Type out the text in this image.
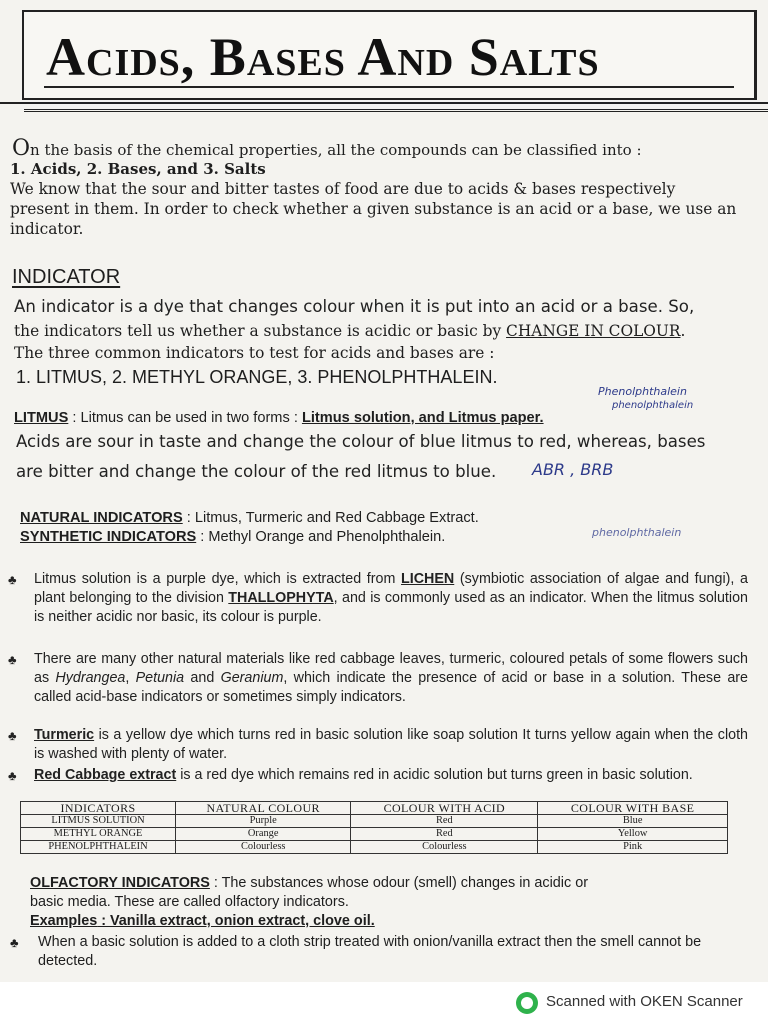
Acids, Bases And Salts
On the basis of the chemical properties, all the compounds can be classified into :
1. Acids, 2. Bases, and 3. Salts
We know that the sour and bitter tastes of food are due to acids & bases respectively
present in them. In order to check whether a given substance is an acid or a base, we use an
indicator.
INDICATOR
An indicator is a dye that changes colour when it is put into an acid or a base. So,
the indicators tell us whether a substance is acidic or basic by CHANGE IN COLOUR.
The three common indicators to test for acids and bases are :
1. LITMUS, 2. METHYL ORANGE, 3. PHENOLPHTHALEIN.
LITMUS : Litmus can be used in two forms : Litmus solution, and Litmus paper.
Acids are sour in taste and change the colour of blue litmus to red, whereas, bases
are bitter and change the colour of the red litmus to blue.
Phenolphthalein
phenolphthalein
ABR , BRB
phenolphthalein
NATURAL INDICATORS : Litmus, Turmeric and Red Cabbage Extract.
SYNTHETIC INDICATORS : Methyl Orange and Phenolphthalein.
♣ Litmus solution is a purple dye, which is extracted from LICHEN (symbiotic association of algae and fungi), a plant belonging to the division THALLOPHYTA, and is commonly used as an indicator. When the litmus solution is neither acidic nor basic, its colour is purple.
♣ There are many other natural materials like red cabbage leaves, turmeric, coloured petals of some flowers such as Hydrangea, Petunia and Geranium, which indicate the presence of acid or base in a solution. These are called acid-base indicators or sometimes simply indicators.
♣ Turmeric is a yellow dye which turns red in basic solution like soap solution It turns yellow again when the cloth is washed with plenty of water.
♣ Red Cabbage extract is a red dye which remains red in acidic solution but turns green in basic solution.
INDICATORS	NATURAL COLOUR	COLOUR WITH ACID	COLOUR WITH BASE
LITMUS SOLUTION	Purple	Red	Blue
METHYL ORANGE	Orange	Red	Yellow
PHENOLPHTHALEIN	Colourless	Colourless	Pink
OLFACTORY INDICATORS : The substances whose odour (smell) changes in acidic or
basic media. These are called olfactory indicators.
Examples : Vanilla extract, onion extract, clove oil.
♣ When a basic solution is added to a cloth strip treated with onion/vanilla extract then the smell cannot be detected.
Scanned with OKEN Scanner
